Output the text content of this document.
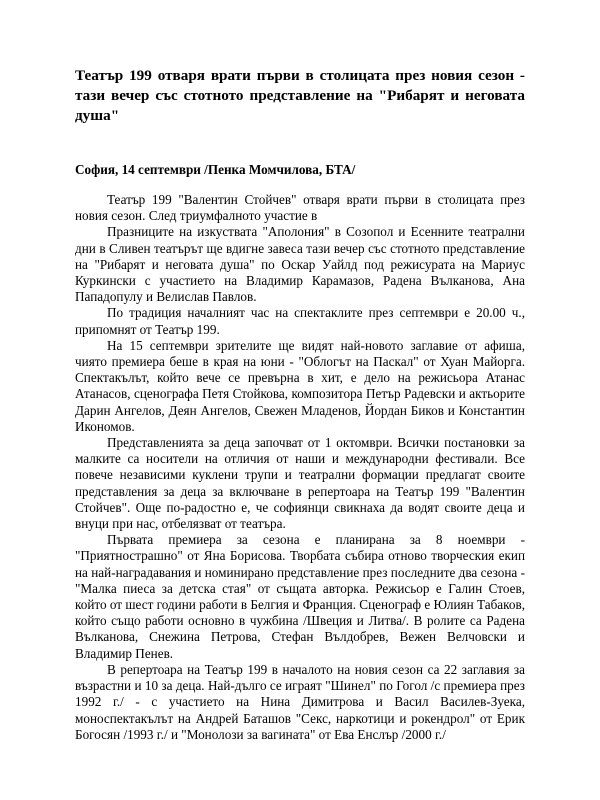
Театър 199 отваря врати първи в столицата през новия сезон - тази вечер със стотното представление на "Рибарят и неговата душа"
София, 14 септември /Пенка Момчилова, БТА/

Театър 199 "Валентин Стойчев" отваря врати първи в столицата през новия сезон. След триумфалното участие в

Празниците на изкуствата "Аполония" в Созопол и Есенните театрални дни в Сливен театърът ще вдигне завеса тази вечер със стотното представление на "Рибарят и неговата душа" по Оскар Уайлд под режисурата на Мариус Куркински с участието на Владимир Карамазов, Радена Вълканова, Ана Пападопулу и Велислав Павлов.

По традиция началният час на спектаклите през септември е 20.00 ч., припомнят от Театър 199.

На 15 септември зрителите ще видят най-новото заглавие от афиша, чиято премиера беше в края на юни - "Облогът на Паскал" от Хуан Майорга. Спектакълът, който вече се превърна в хит, е дело на режисьора Атанас Атанасов, сценографа Петя Стойкова, композитора Петър Радевски и актьорите Дарин Ангелов, Деян Ангелов, Свежен Младенов, Йордан Биков и Константин Икономов.

Представленията за деца започват от 1 октомври. Всички постановки за малките са носители на отличия от наши и международни фестивали. Все повече независими куклени трупи и театрални формации предлагат своите представления за деца за включване в репертоара на Театър 199 "Валентин Стойчев". Още по-радостно е, че софиянци свикнаха да водят своите деца и внуци при нас, отбелязват от театъра.

Първата премиера за сезона е планирана за 8 ноември - "Приятнострашно" от Яна Борисова. Творбата събира отново творческия екип на най-наградавания и номинирано представление през последните два сезона - "Малка пиеса за детска стая" от същата авторка. Режисьор е Галин Стоев, който от шест години работи в Белгия и Франция. Сценограф е Юлиян Табаков, който също работи основно в чужбина /Швеция и Литва/. В ролите са Радена Вълканова, Снежина Петрова, Стефан Вълдобрев, Вежен Велчовски и Владимир Пенев.

В репертоара на Театър 199 в началото на новия сезон са 22 заглавия за възрастни и 10 за деца. Най-дълго се играят "Шинел" по Гогол /с премиера през 1992 г./ - с участието на Нина Димитрова и Васил Василев-Зуека, моноспектакълът на Андрей Баташов "Секс, наркотици и рокендрол" от Ерик Богосян /1993 г./ и "Монолози за вагината" от Ева Енслър /2000 г./
